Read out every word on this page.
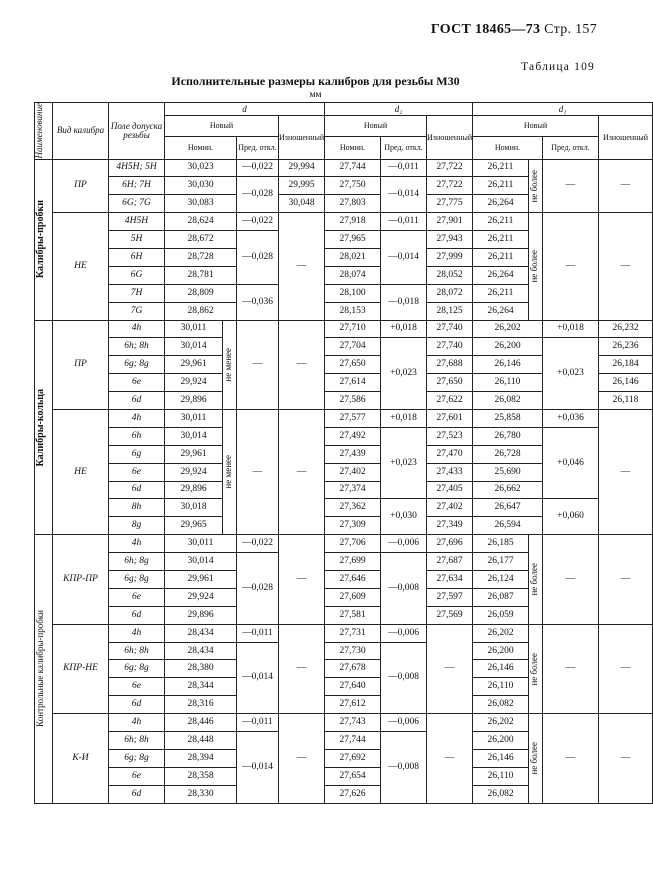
ГОСТ 18465—73 Стр. 157
Таблица 109
Исполнительные размеры калибров для резьбы М30
мм
Наименование	Вид калибра	Поле допуска резьбы	d				d₂			d₁			
			Новый			Изношенный	Новый		Изношенный	Новый			Изношенный
			Номин.		Пред. откл.		Номин.	Пред. откл.		Номин.		Пред. откл.	

Калибры-пробки	ПР	4Н5Н; 5Н	30,023		—0,022	29,994	27,744	—0,011	27,722	26,211	не более	—	—
		6Н; 7Н	30,030		—0,028	29,995	27,750	—0,014	27,722	26,211			
		6G; 7G	30,083			30,048	27,803		27,775	26,264			
	НЕ	4Н5Н	28,624		—0,022	—	27,918	—0,011	27,901	26,211	не более	—	—
		5Н	28,672		—0,028		27,965	—0,014	27,943	26,211			
		6Н	28,728				28,021		27,999	26,211			
		6G	28,781				28,074		28,052	26,264			
		7Н	28,809		—0,036		28,100	—0,018	28,072	26,211			
		7G	28,862				28,153		28,125	26,264			

Калибры-кольца	ПР	4h	30,011	не менее	—	—	27,710	+0,018	27,740	26,202		+0,018	26,232
		6h; 8h	30,014				27,704	+0,023	27,740	26,200		+0,023	26,236
		6g; 8g	29,961				27,650		27,688	26,146			26,184
		6e	29,924				27,614		27,650	26,110			26,146
		6d	29,896				27,586		27,622	26,082			26,118
	НЕ	4h	30,011	не менее	—	—	27,577	+0,018	27,601	25,858		+0,036	—
		6h	30,014				27,492	+0,023	27,523	26,780		+0,046	
		6g	29,961				27,439		27,470	26,728			
		6e	29,924				27,402		27,433	25,690			
		6d	29,896				27,374		27,405	26,662			
		8h	30,018				27,362	+0,030	27,402	26,647		+0,060	
		8g	29,965				27,309		27,349	26,594			

Контрольные калибры-пробки	КПР-ПР	4h	30,011		—0,022	—	27,706	—0,006	27,696	26,185	не более	—	—
		6h; 8g	30,014		—0,028		27,699	—0,008	27,687	26,177			
		6g; 8g	29,961				27,646		27,634	26,124			
		6e	29,924				27,609		27,597	26,087			
		6d	29,896				27,581		27,569	26,059			
	КПР-НЕ	4h	28,434		—0,011	—	27,731	—0,006	—	26,202	не более	—	—
		6h; 8h	28,434		—0,014		27,730	—0,008		26,200			
		6g; 8g	28,380				27,678			26,146			
		6e	28,344				27,640			26,110			
		6d	28,316				27,612			26,082			
	К-И	4h	28,446		—0,011	—	27,743	—0,006	—	26,202	не более	—	—
		6h; 8h	28,448		—0,014		27,744	—0,008		26,200			
		6g; 8g	28,394				27,692			26,146			
		6e	28,358				27,654			26,110			
		6d	28,330				27,626			26,082			
